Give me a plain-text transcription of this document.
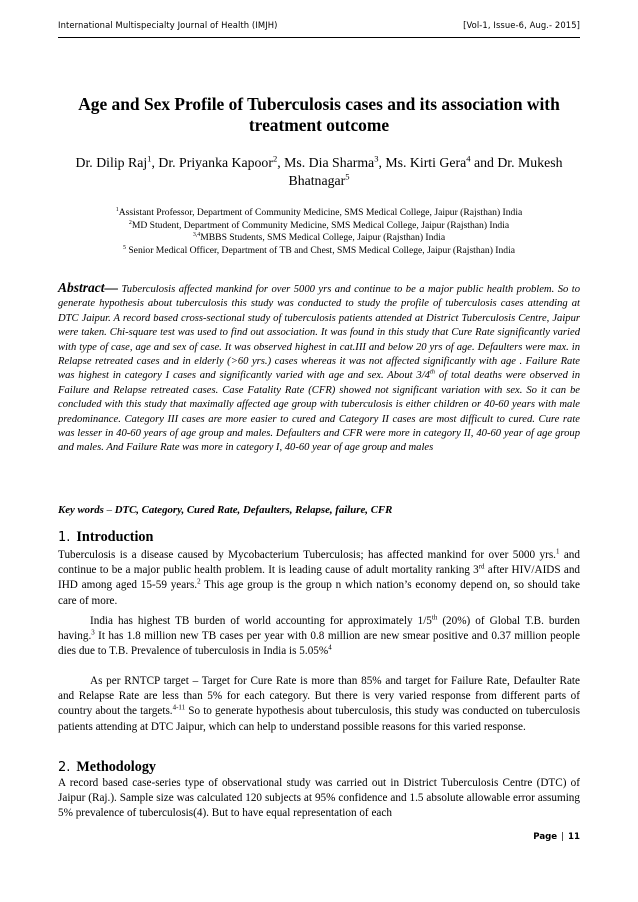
International Multispecialty Journal of Health (IMJH)	[Vol-1, Issue-6, Aug.- 2015]
Age and Sex Profile of Tuberculosis cases and its association with treatment outcome
Dr. Dilip Raj$^1$, Dr. Priyanka Kapoor$^2$, Ms. Dia Sharma$^3$, Ms. Kirti Gera$^4$ and Dr. Mukesh Bhatnagar$^5$
$^1$Assistant Professor, Department of Community Medicine, SMS Medical College, Jaipur (Rajsthan) India
$^2$MD Student, Department of Community Medicine, SMS Medical College, Jaipur (Rajsthan) India
$^{3,4}$MBBS Students, SMS Medical College, Jaipur (Rajsthan) India
$^5$ Senior Medical Officer, Department of TB and Chest, SMS Medical College, Jaipur (Rajsthan) India
Abstract— Tuberculosis affected mankind for over 5000 yrs and continue to be a major public health problem. So to generate hypothesis about tuberculosis this study was conducted to study the profile of tuberculosis cases attending at DTC Jaipur. A record based cross-sectional study of tuberculosis patients attended at District Tuberculosis Centre, Jaipur were taken. Chi-square test was used to find out association. It was found in this study that Cure Rate significantly varied with type of case, age and sex of case. It was observed highest in cat.III and below 20 yrs of age. Defaulters were max. in Relapse retreated cases and in elderly (>60 yrs.) cases whereas it was not affected significantly with age . Failure Rate was highest in category I cases and significantly varied with age and sex. About 3/4th of total deaths were observed in Failure and Relapse retreated cases. Case Fatality Rate (CFR) showed not significant variation with sex. So it can be concluded with this study that maximally affected age group with tuberculosis is either children or 40-60 years with male predominance. Category III cases are more easier to cured and Category II cases are most difficult to cured. Cure rate was lesser in 40-60 years of age group and males. Defaulters and CFR were more in category II, 40-60 year of age group and males. And Failure Rate was more in category I, 40-60 year of age group and males
Key words – DTC, Category, Cured Rate, Defaulters, Relapse, failure, CFR
1. Introduction
Tuberculosis is a disease caused by Mycobacterium Tuberculosis; has affected mankind for over 5000 yrs.$^1$ and continue to be a major public health problem. It is leading cause of adult mortality ranking 3rd after HIV/AIDS and IHD among aged 15-59 years.$^2$ This age group is the group n which nation’s economy depend on, so should take care of more.
India has highest TB burden of world accounting for approximately 1/5th (20%) of Global T.B. burden having.$^3$ It has 1.8 million new TB cases per year with 0.8 million are new smear positive and 0.37 million people dies due to T.B. Prevalence of tuberculosis in India is 5.05%$^4$
As per RNTCP target – Target for Cure Rate is more than 85% and target for Failure Rate, Defaulter Rate and Relapse Rate are less than 5% for each category. But there is very varied response from different parts of country about the targets.$^{4-11}$ So to generate hypothesis about tuberculosis, this study was conducted on tuberculosis patients attending at DTC Jaipur, which can help to understand possible reasons for this varied response.
2. Methodology
A record based case-series type of observational study was carried out in District Tuberculosis Centre (DTC) of Jaipur (Raj.). Sample size was calculated 120 subjects at 95% confidence and 1.5 absolute allowable error assuming 5% prevalence of tuberculosis(4). But to have equal representation of each
Page | 11
